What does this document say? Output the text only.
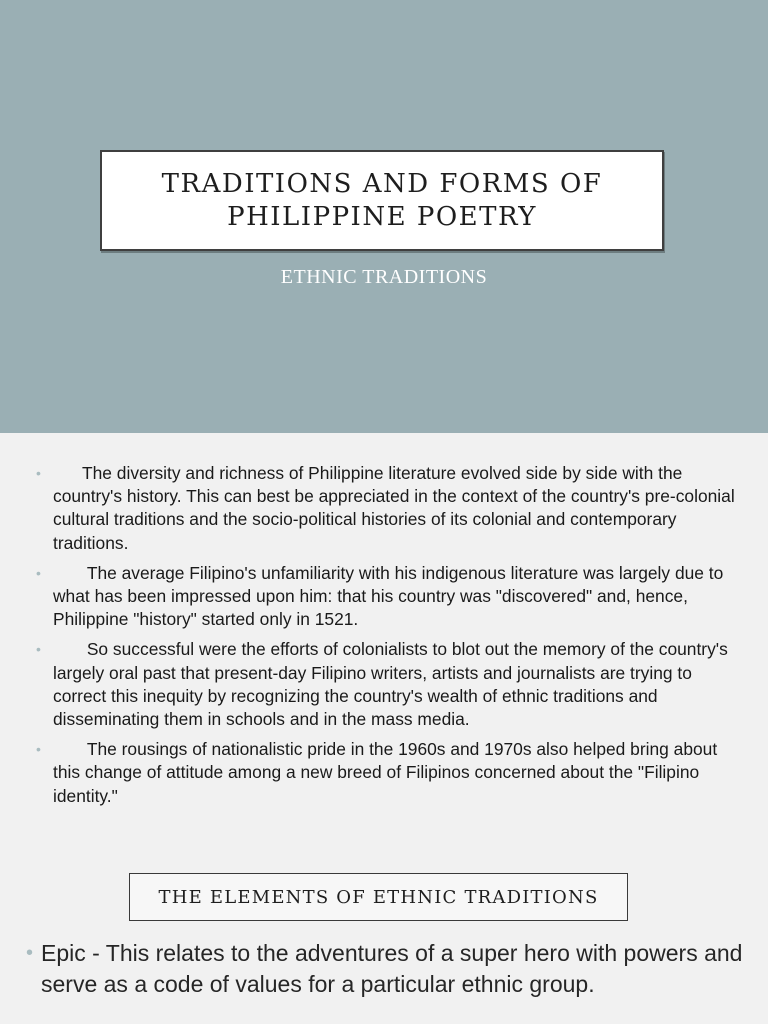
TRADITIONS AND FORMS OF
PHILIPPINE POETRY
ETHNIC TRADITIONS
• The diversity and richness of Philippine literature evolved side by side with the country's history. This can best be appreciated in the context of the country's pre-colonial cultural traditions and the socio-political histories of its colonial and contemporary traditions.
• The average Filipino's unfamiliarity with his indigenous literature was largely due to what has been impressed upon him: that his country was "discovered" and, hence, Philippine "history" started only in 1521.
• So successful were the efforts of colonialists to blot out the memory of the country's largely oral past that present-day Filipino writers, artists and journalists are trying to correct this inequity by recognizing the country's wealth of ethnic traditions and disseminating them in schools and in the mass media.
• The rousings of nationalistic pride in the 1960s and 1970s also helped bring about this change of attitude among a new breed of Filipinos concerned about the "Filipino identity."
THE ELEMENTS OF ETHNIC TRADITIONS
• Epic - This relates to the adventures of a super hero with powers and serve as a code of values for a particular ethnic group.
